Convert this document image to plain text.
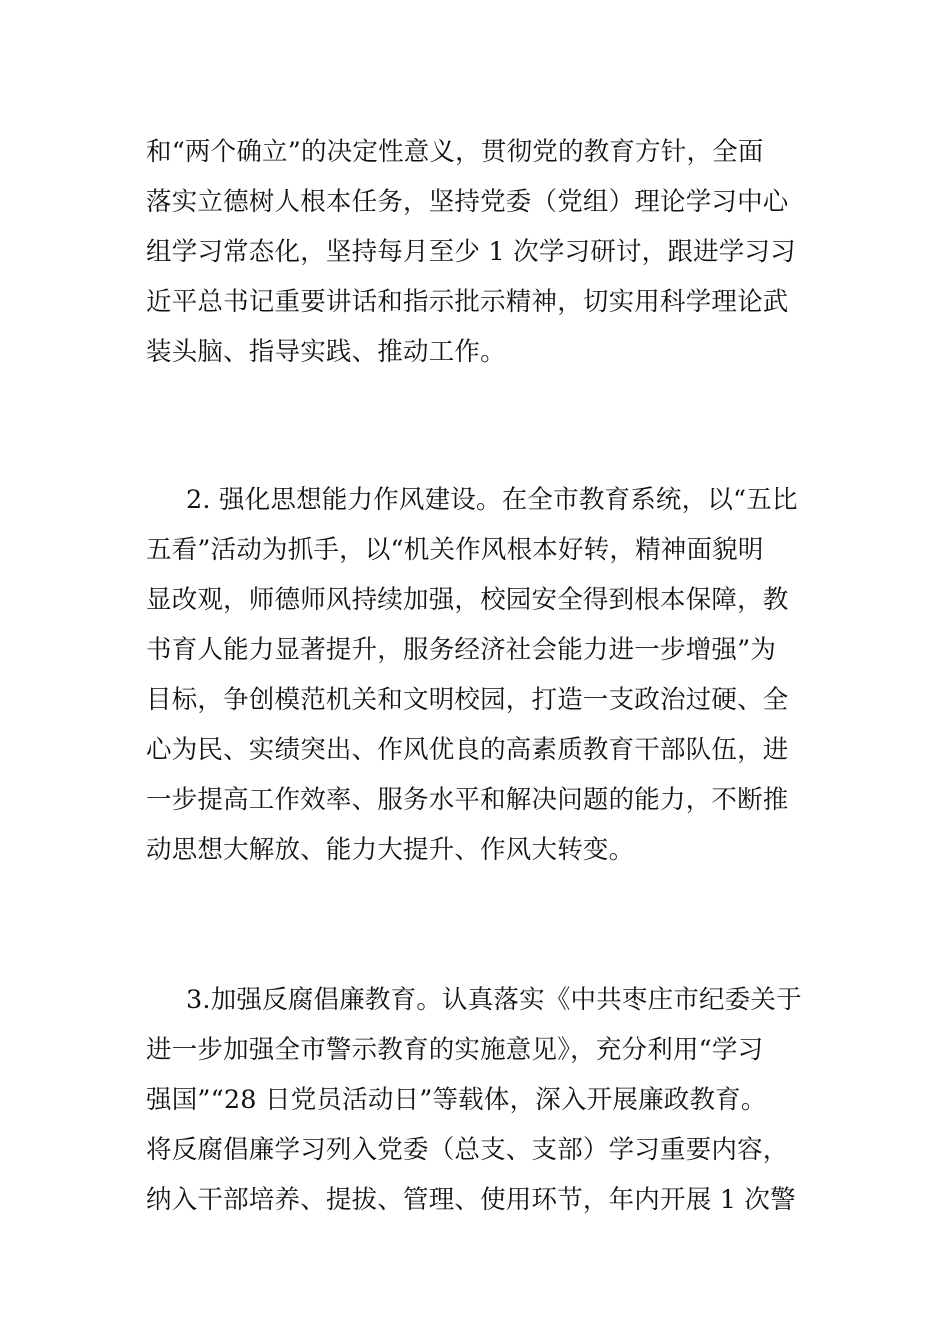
和“两个确立”的决定性意义，贯彻党的教育方针，全面
落实立德树人根本任务，坚持党委（党组）理论学习中心
组学习常态化，坚持每月至少 1 次学习研讨，跟进学习习
近平总书记重要讲话和指示批示精神，切实用科学理论武
装头脑、指导实践、推动工作。
2. 强化思想能力作风建设。在全市教育系统，以“五比
五看”活动为抓手，以“机关作风根本好转，精神面貌明
显改观，师德师风持续加强，校园安全得到根本保障，教
书育人能力显著提升，服务经济社会能力进一步增强”为
目标，争创模范机关和文明校园，打造一支政治过硬、全
心为民、实绩突出、作风优良的高素质教育干部队伍，进
一步提高工作效率、服务水平和解决问题的能力，不断推
动思想大解放、能力大提升、作风大转变。
3.加强反腐倡廉教育。认真落实《中共枣庄市纪委关于
进一步加强全市警示教育的实施意见》，充分利用“学习
强国”“28 日党员活动日”等载体，深入开展廉政教育。
将反腐倡廉学习列入党委（总支、支部）学习重要内容，
纳入干部培养、提拔、管理、使用环节，年内开展 1 次警
